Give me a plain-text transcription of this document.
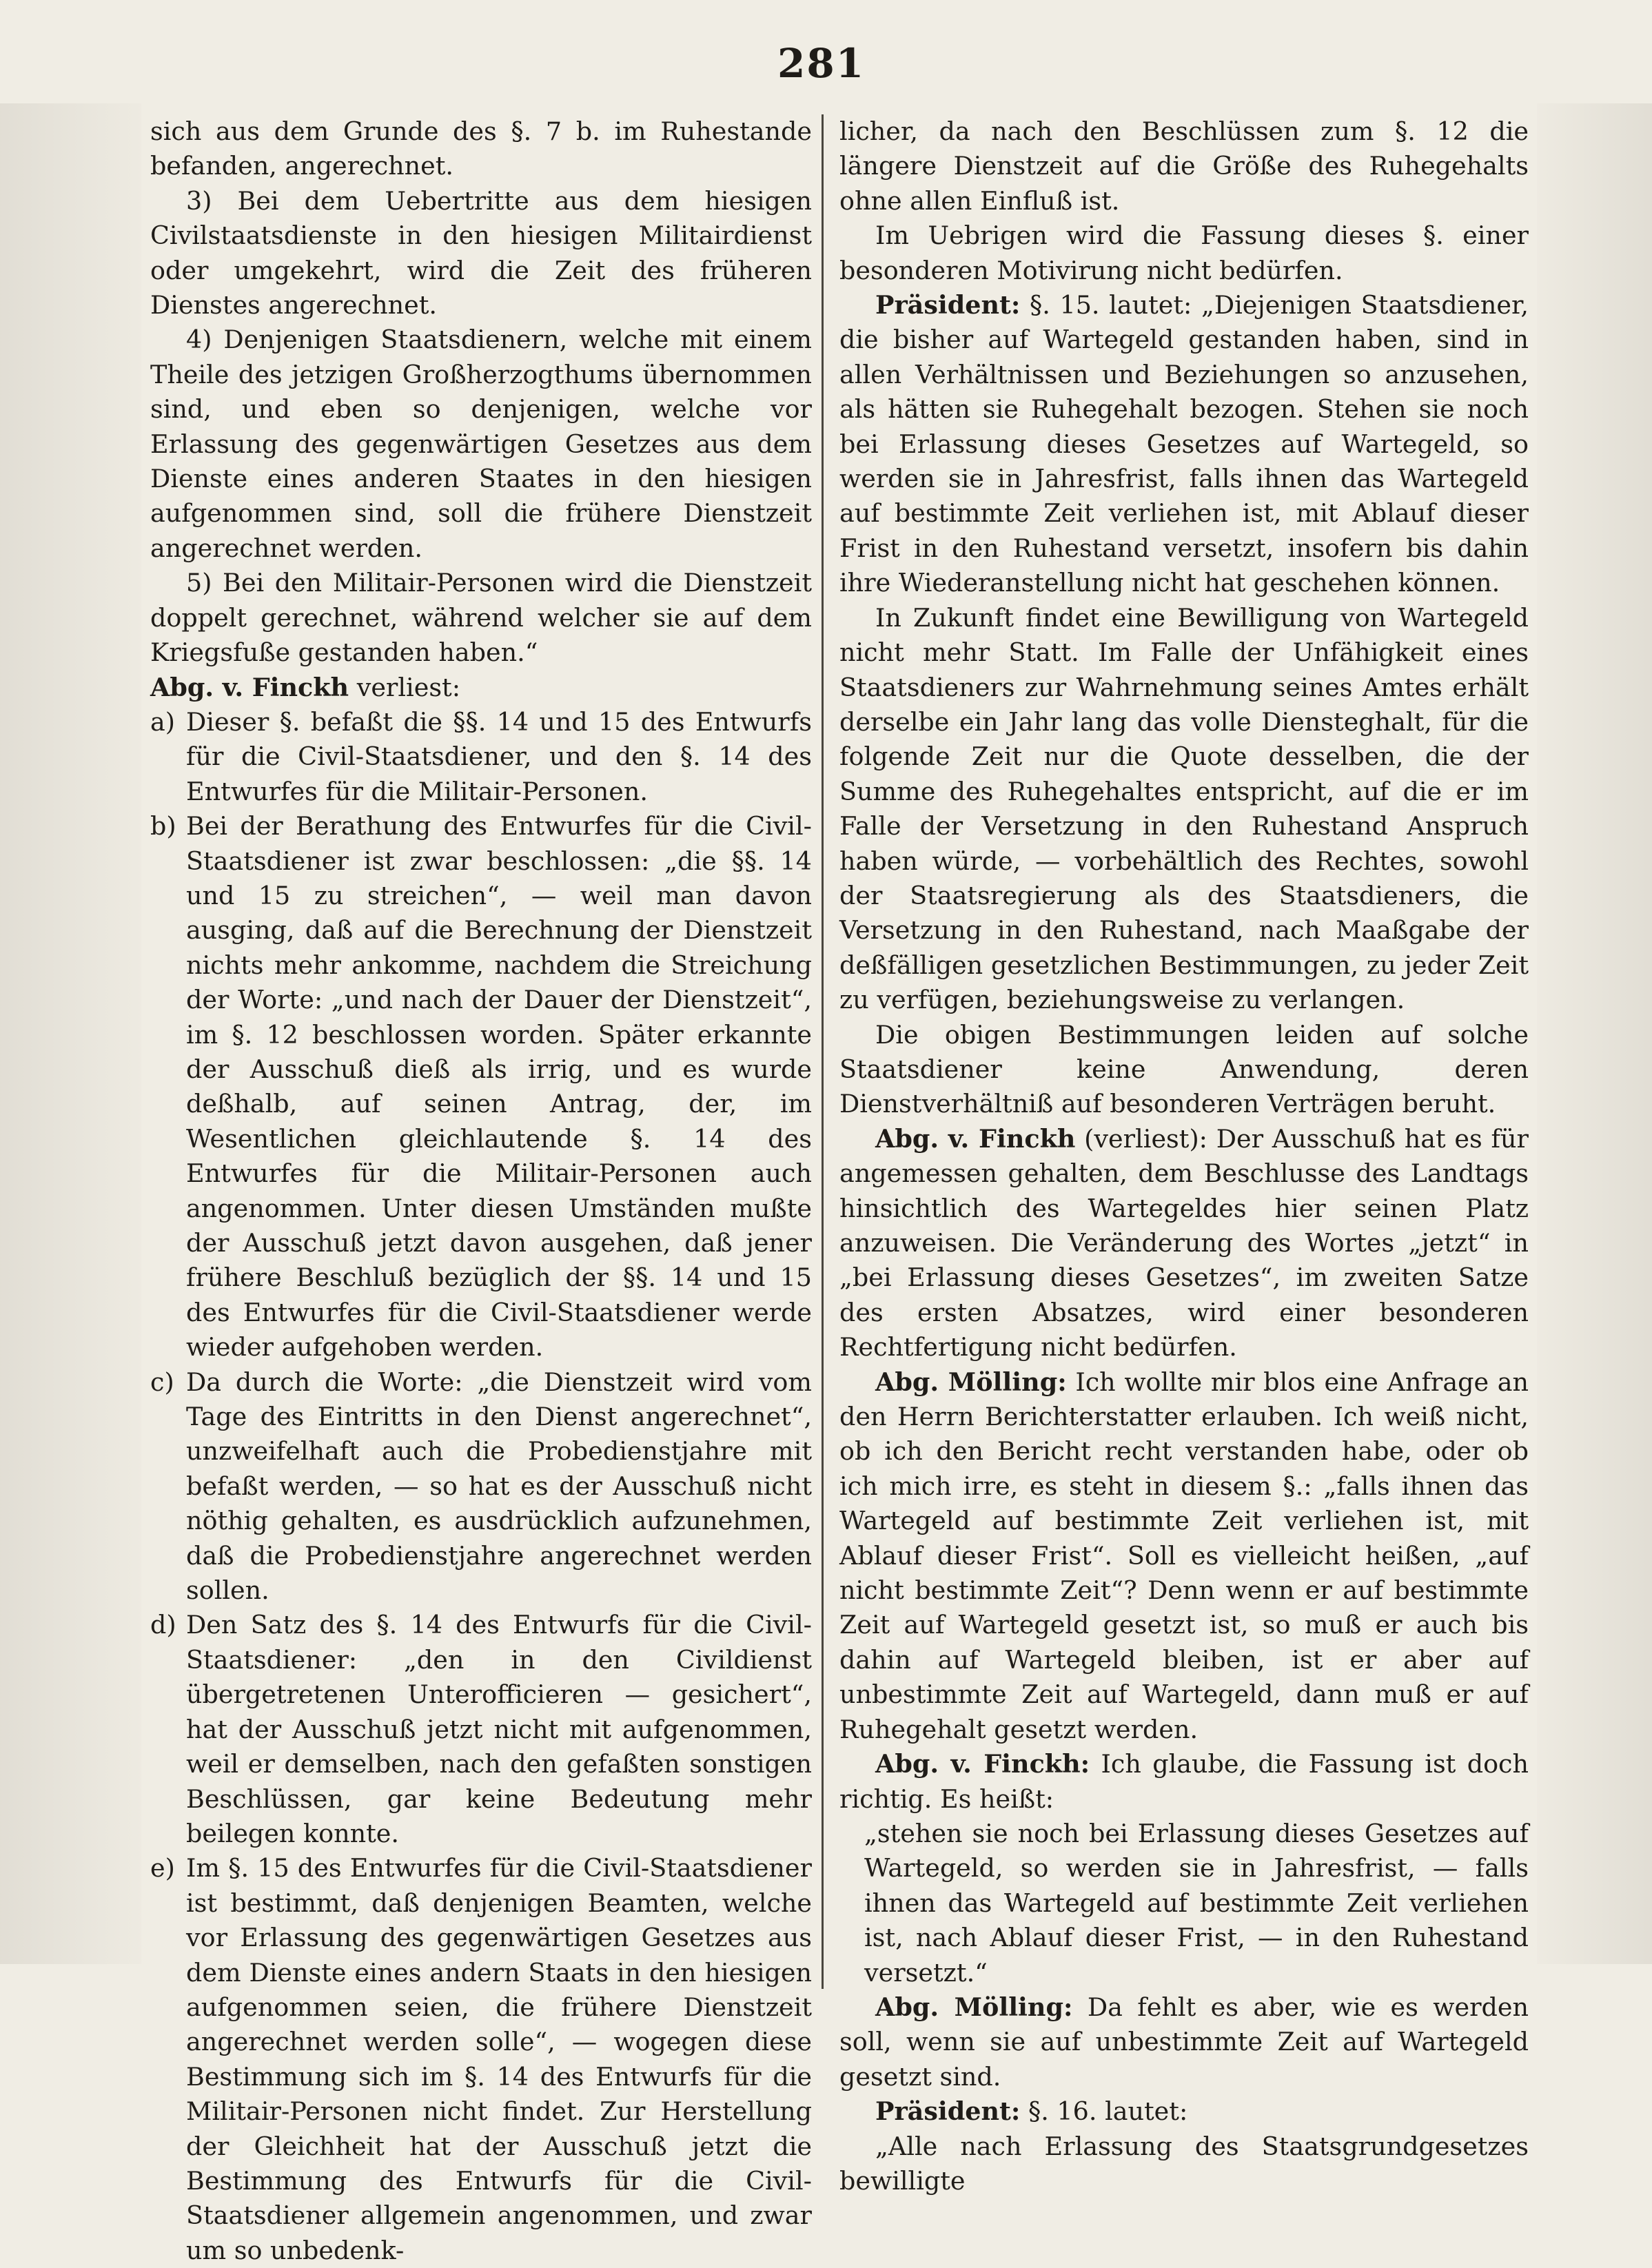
281

sich aus dem Grunde des §. 7 b. im Ruhestande befanden, angerechnet.

3) Bei dem Uebertritte aus dem hiesigen Civilstaatsdienste in den hiesigen Militairdienst oder umgekehrt, wird die Zeit des früheren Dienstes angerechnet.

4) Denjenigen Staatsdienern, welche mit einem Theile des jetzigen Großherzogthums übernommen sind, und eben so denjenigen, welche vor Erlassung des gegenwärtigen Gesetzes aus dem Dienste eines anderen Staates in den hiesigen aufgenommen sind, soll die frühere Dienstzeit angerechnet werden.

5) Bei den Militair-Personen wird die Dienstzeit doppelt gerechnet, während welcher sie auf dem Kriegsfuße gestanden haben.“

Abg. v. Finckh verliest:

a) Dieser §. befaßt die §§. 14 und 15 des Entwurfs für die Civil-Staatsdiener, und den §. 14 des Entwurfes für die Militair-Personen.
b) Bei der Berathung des Entwurfes für die Civil-Staatsdiener ist zwar beschlossen: „die §§. 14 und 15 zu streichen“, — weil man davon ausging, daß auf die Berechnung der Dienstzeit nichts mehr ankomme, nachdem die Streichung der Worte: „und nach der Dauer der Dienstzeit“, im §. 12 beschlossen worden. Später erkannte der Ausschuß dieß als irrig, und es wurde deßhalb, auf seinen Antrag, der, im Wesentlichen gleichlautende §. 14 des Entwurfes für die Militair-Personen auch angenommen. Unter diesen Umständen mußte der Ausschuß jetzt davon ausgehen, daß jener frühere Beschluß bezüglich der §§. 14 und 15 des Entwurfes für die Civil-Staatsdiener werde wieder aufgehoben werden.
c) Da durch die Worte: „die Dienstzeit wird vom Tage des Eintritts in den Dienst angerechnet“, unzweifelhaft auch die Probedienstjahre mit befaßt werden, — so hat es der Ausschuß nicht nöthig gehalten, es ausdrücklich aufzunehmen, daß die Probedienstjahre angerechnet werden sollen.
d) Den Satz des §. 14 des Entwurfs für die Civil-Staatsdiener: „den in den Civildienst übergetretenen Unterofficieren — gesichert“, hat der Ausschuß jetzt nicht mit aufgenommen, weil er demselben, nach den gefaßten sonstigen Beschlüssen, gar keine Bedeutung mehr beilegen konnte.
e) Im §. 15 des Entwurfes für die Civil-Staatsdiener ist bestimmt, daß denjenigen Beamten, welche vor Erlassung des gegenwärtigen Gesetzes aus dem Dienste eines andern Staats in den hiesigen aufgenommen seien, die frühere Dienstzeit angerechnet werden solle“, — wogegen diese Bestimmung sich im §. 14 des Entwurfs für die Militair-Personen nicht findet. Zur Herstellung der Gleichheit hat der Ausschuß jetzt die Bestimmung des Entwurfs für die Civil-Staatsdiener allgemein angenommen, und zwar um so unbedenk-

licher, da nach den Beschlüssen zum §. 12 die längere Dienstzeit auf die Größe des Ruhegehalts ohne allen Einfluß ist.

Im Uebrigen wird die Fassung dieses §. einer besonderen Motivirung nicht bedürfen.

Präsident: §. 15. lautet: „Diejenigen Staatsdiener, die bisher auf Wartegeld gestanden haben, sind in allen Verhältnissen und Beziehungen so anzusehen, als hätten sie Ruhegehalt bezogen. Stehen sie noch bei Erlassung dieses Gesetzes auf Wartegeld, so werden sie in Jahresfrist, falls ihnen das Wartegeld auf bestimmte Zeit verliehen ist, mit Ablauf dieser Frist in den Ruhestand versetzt, insofern bis dahin ihre Wiederanstellung nicht hat geschehen können.

In Zukunft findet eine Bewilligung von Wartegeld nicht mehr Statt. Im Falle der Unfähigkeit eines Staatsdieners zur Wahrnehmung seines Amtes erhält derselbe ein Jahr lang das volle Diensteghalt, für die folgende Zeit nur die Quote desselben, die der Summe des Ruhegehaltes entspricht, auf die er im Falle der Versetzung in den Ruhestand Anspruch haben würde, — vorbehältlich des Rechtes, sowohl der Staatsregierung als des Staatsdieners, die Versetzung in den Ruhestand, nach Maaßgabe der deßfälligen gesetzlichen Bestimmungen, zu jeder Zeit zu verfügen, beziehungsweise zu verlangen.

Die obigen Bestimmungen leiden auf solche Staatsdiener keine Anwendung, deren Dienstverhältniß auf besonderen Verträgen beruht.

Abg. v. Finckh (verliest): Der Ausschuß hat es für angemessen gehalten, dem Beschlusse des Landtags hinsichtlich des Wartegeldes hier seinen Platz anzuweisen. Die Veränderung des Wortes „jetzt“ in „bei Erlassung dieses Gesetzes“, im zweiten Satze des ersten Absatzes, wird einer besonderen Rechtfertigung nicht bedürfen.

Abg. Mölling: Ich wollte mir blos eine Anfrage an den Herrn Berichterstatter erlauben. Ich weiß nicht, ob ich den Bericht recht verstanden habe, oder ob ich mich irre, es steht in diesem §.: „falls ihnen das Wartegeld auf bestimmte Zeit verliehen ist, mit Ablauf dieser Frist“. Soll es vielleicht heißen, „auf nicht bestimmte Zeit“? Denn wenn er auf bestimmte Zeit auf Wartegeld gesetzt ist, so muß er auch bis dahin auf Wartegeld bleiben, ist er aber auf unbestimmte Zeit auf Wartegeld, dann muß er auf Ruhegehalt gesetzt werden.

Abg. v. Finckh: Ich glaube, die Fassung ist doch richtig. Es heißt:

„stehen sie noch bei Erlassung dieses Gesetzes auf Wartegeld, so werden sie in Jahresfrist, — falls ihnen das Wartegeld auf bestimmte Zeit verliehen ist, nach Ablauf dieser Frist, — in den Ruhestand versetzt.“

Abg. Mölling: Da fehlt es aber, wie es werden soll, wenn sie auf unbestimmte Zeit auf Wartegeld gesetzt sind.

Präsident: §. 16. lautet:

„Alle nach Erlassung des Staatsgrundgesetzes bewilligte
